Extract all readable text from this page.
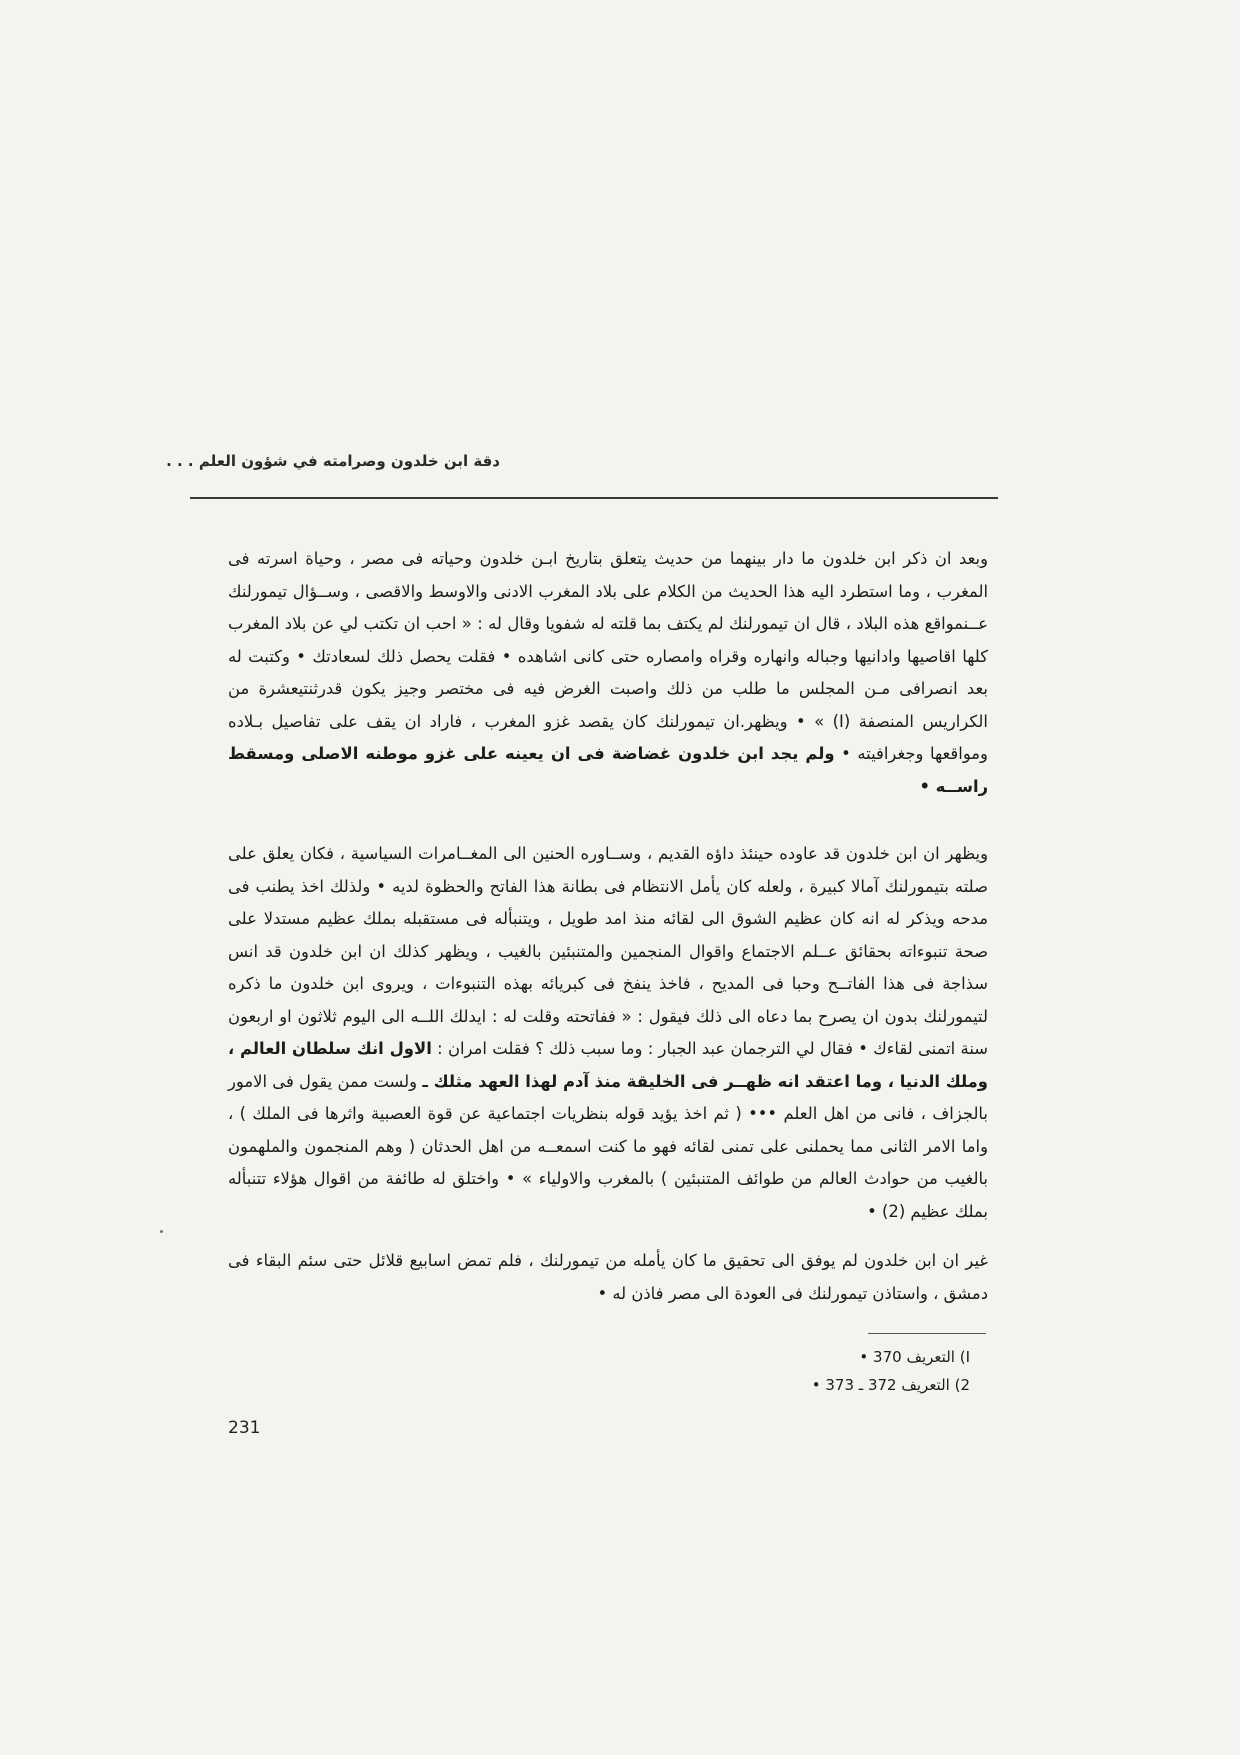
دقة ابن خلدون وصرامته في شؤون العلم . . .

وبعد ان ذكر ابن خلدون ما دار بينهما من حديث يتعلق بتاريخ ابـن خلدون وحياته فى مصر ، وحياة اسرته فى المغرب ، وما استطرد اليه هذا الحديث من الكلام على بلاد المغرب الادنى والاوسط والاقصى ، وســؤال تيمورلنك عــنمواقع هذه البلاد ، قال ان تيمورلنك لم يكتف بما قلته له شفويا وقال له : « احب ان تكتب لي عن بلاد المغرب كلها اقاصيها وادانيها وجباله وانهاره وقراه وامصاره حتى كانى اشاهده • فقلت يحصل ذلك لسعادتك • وكتبت له بعد انصرافى مـن المجلس ما طلب من ذلك واصبت الغرض فيه فى مختصر وجيز يكون قدرثنتيعشرة من الكراريس المنصفة (I) » • ويظهر.ان تيمورلنك كان يقصد غزو المغرب ، فاراد ان يقف على تفاصيل بـلاده ومواقعها وجغرافيته • ولم يجد ابن خلدون غضاضة فى ان يعينه على غزو موطنه الاصلى ومسقط راســه •

ويظهر ان ابن خلدون قد عاوده حينئذ داؤه القديم ، وســاوره الحنين الى المغــامرات السياسية ، فكان يعلق على صلته بتيمورلنك آمالا كبيرة ، ولعله كان يأمل الانتظام فى بطانة هذا الفاتح والحظوة لديه • ولذلك اخذ يطنب فى مدحه ويذكر له انه كان عظيم الشوق الى لقائه منذ امد طويل ، ويتنبأله فى مستقبله بملك عظيم مستدلا على صحة تنبوءاته بحقائق عــلم الاجتماع واقوال المنجمين والمتنبئين بالغيب ، ويظهر كذلك ان ابن خلدون قد انس سذاجة فى هذا الفاتــح وحبا فى المديح ، فاخذ ينفخ فى كبريائه بهذه التنبوءات ، ويروى ابن خلدون ما ذكره لتيمورلنك بدون ان يصرح بما دعاه الى ذلك فيقول : « ففاتحته وقلت له : ايدلك اللــه الى اليوم ثلاثون او اربعون سنة اتمنى لقاءك • فقال لي الترجمان عبد الجبار : وما سبب ذلك ؟ فقلت امران : الاول انك سلطان العالم ، وملك الدنيا ، وما اعتقد انه ظهــر فى الخليقة منذ آدم لهذا العهد مثلك ـ ولست ممن يقول فى الامور بالجزاف ، فانى من اهل العلم ••• ( ثم اخذ يؤيد قوله بنظريات اجتماعية عن قوة العصبية واثرها فى الملك ) ، واما الامر الثانى مما يحملنى على تمنى لقائه فهو ما كنت اسمعــه من اهل الحدثان ( وهم المنجمون والملهمون بالغيب من حوادث العالم من طوائف المتنبئين ) بالمغرب والاولياء » • واختلق له طائفة من اقوال هؤلاء تتنبأله بملك عظيم (2) •

غير ان ابن خلدون لم يوفق الى تحقيق ما كان يأمله من تيمورلنك ، فلم تمض اسابيع قلائل حتى سئم البقاء فى دمشق ، واستاذن تيمورلنك فى العودة الى مصر فاذن له •

I) التعريف 370 •
2) التعريف 372 ـ 373 •
231
